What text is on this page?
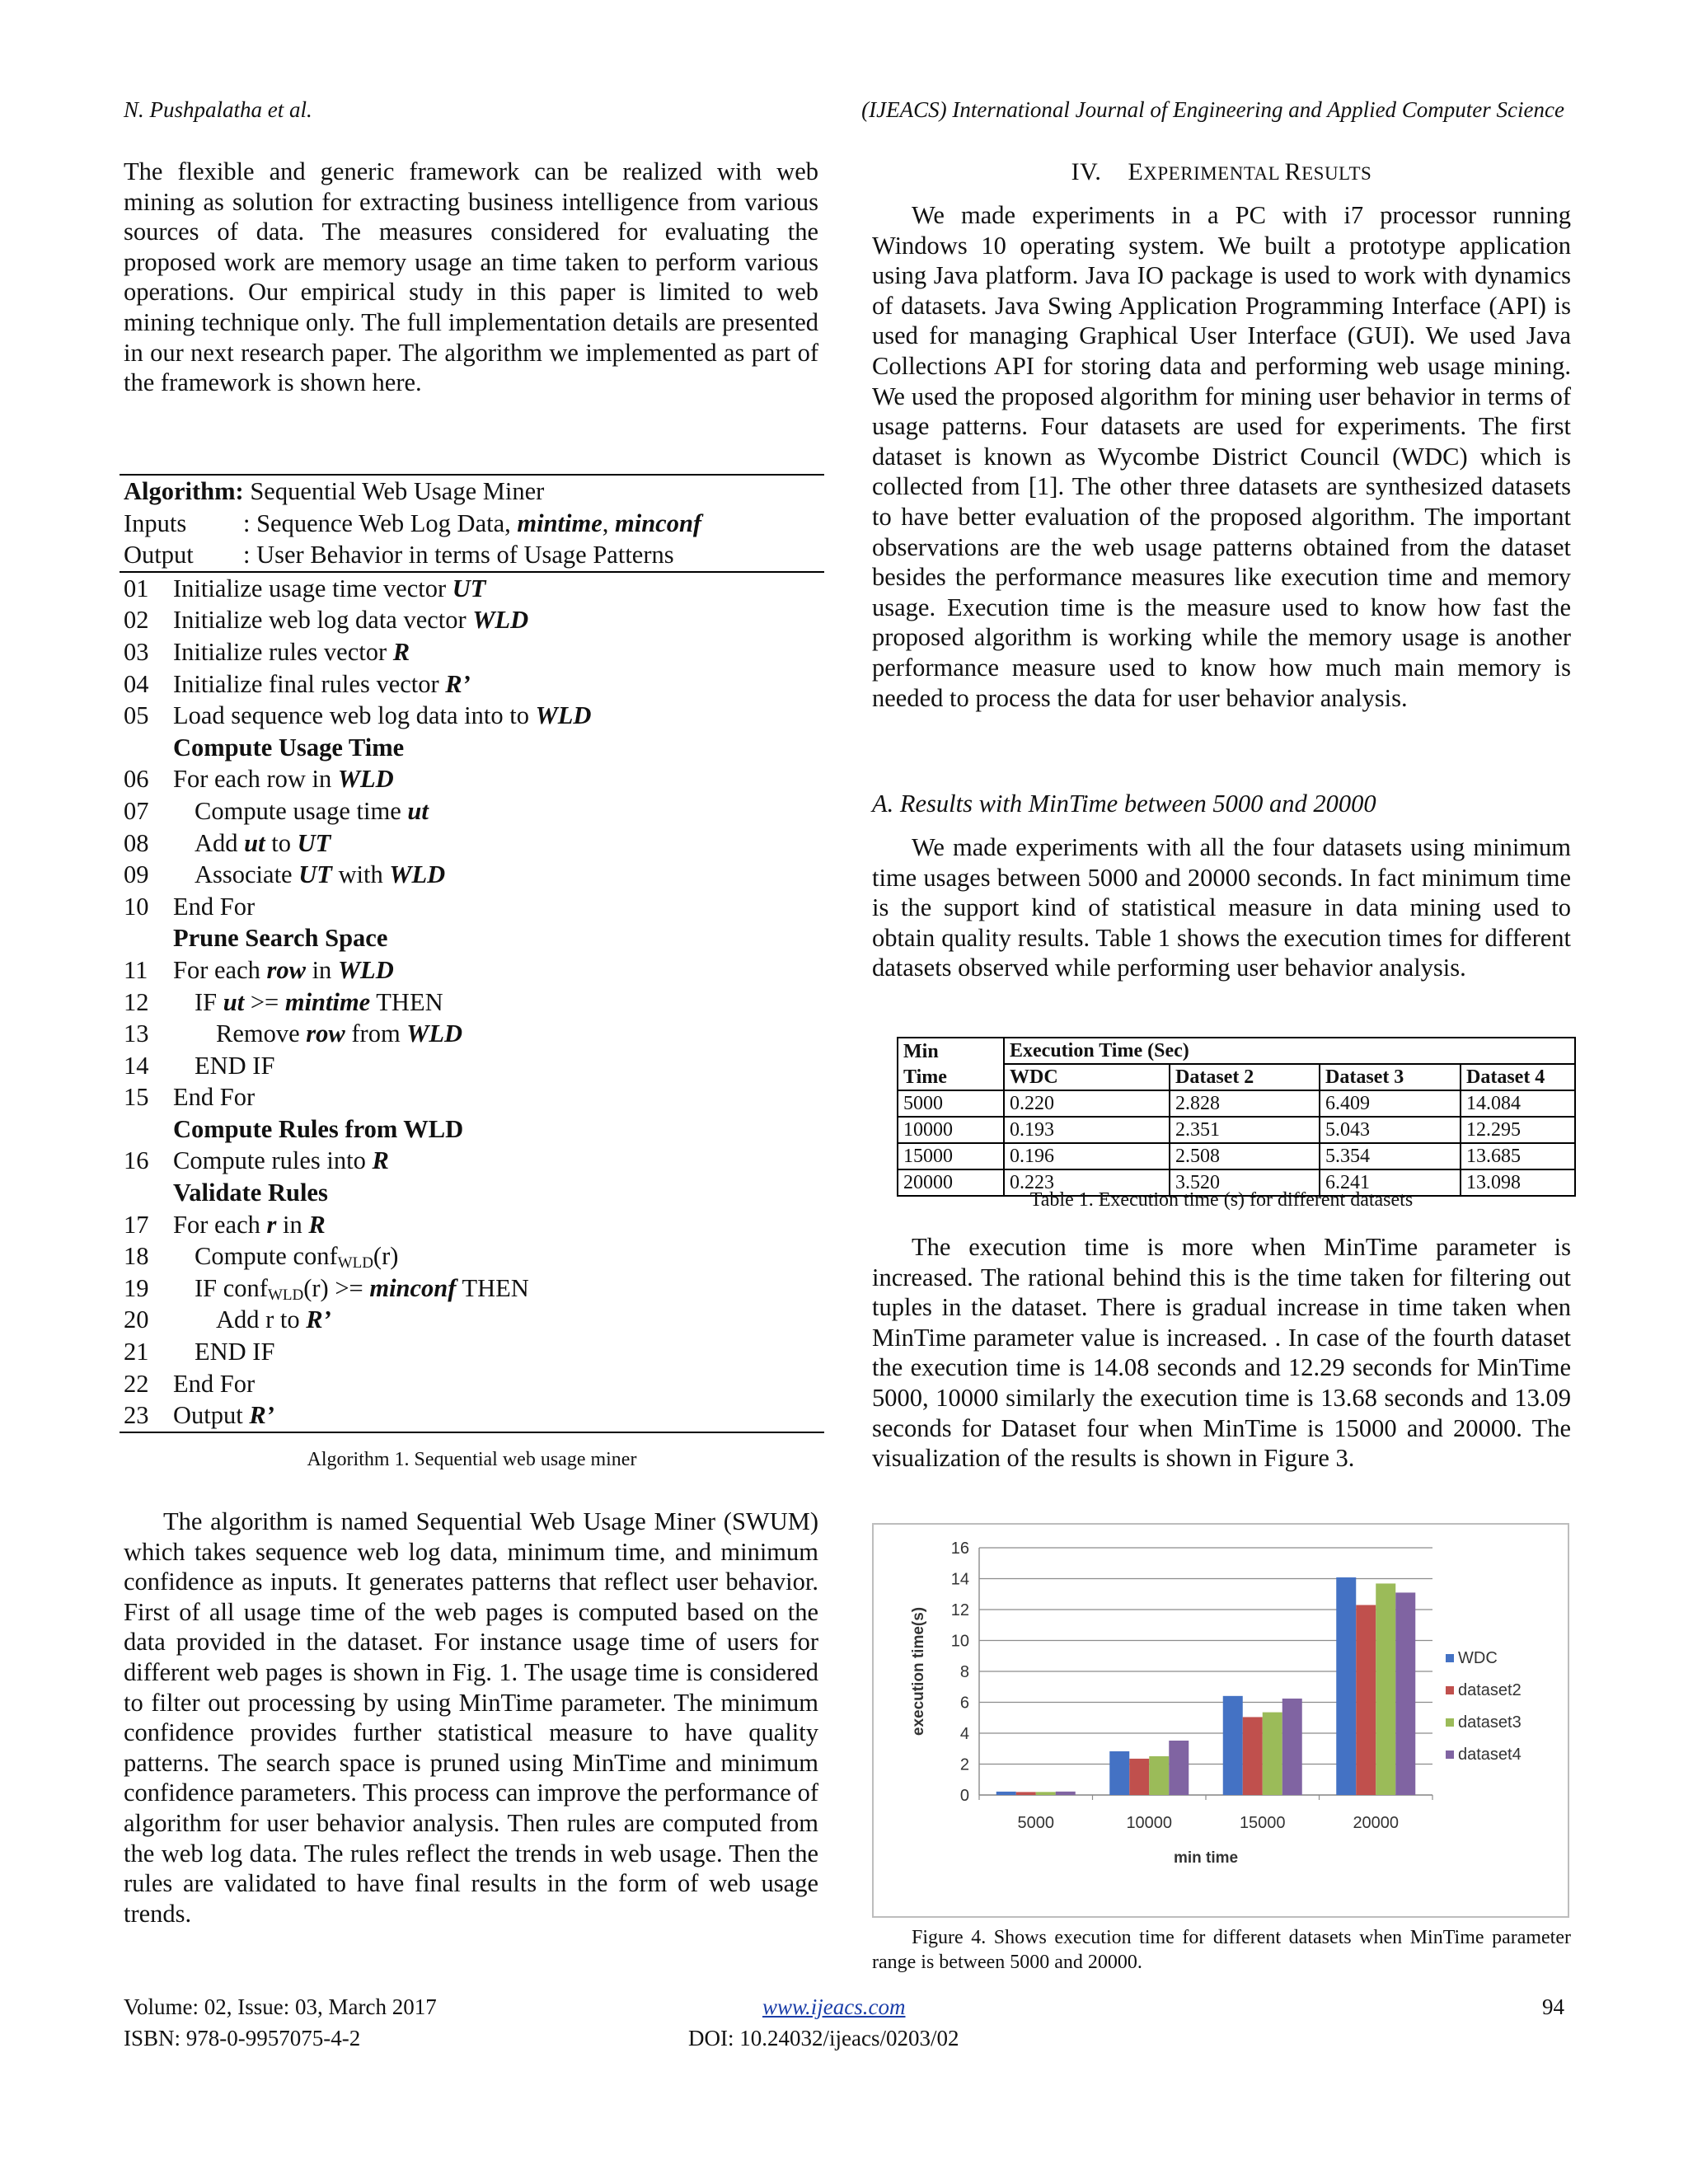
N. Pushpalatha et al.	(IJEACS) International Journal of Engineering and Applied Computer Science
The flexible and generic framework can be realized with web mining as solution for extracting business intelligence from various sources of data. The measures considered for evaluating the proposed work are memory usage an time taken to perform various operations. Our empirical study in this paper is limited to web mining technique only. The full implementation details are presented in our next research paper. The algorithm we implemented as part of the framework is shown here.
Algorithm: Sequential Web Usage Miner
Inputs : Sequence Web Log Data, mintime, minconf
Output : User Behavior in terms of Usage Patterns
01 Initialize usage time vector UT
02 Initialize web log data vector WLD
03 Initialize rules vector R
04 Initialize final rules vector R’
05 Load sequence web log data into to WLD
Compute Usage Time
06 For each row in WLD
07	Compute usage time ut
08	Add ut to UT
09	Associate UT with WLD
10 End For
Prune Search Space
11	For each row in WLD
12	IF ut >= mintime THEN
13	Remove row from WLD
14	END IF
15 End For
Compute Rules from WLD
16 Compute rules into R
Validate Rules
17 For each r in R
18	Compute conf$_{WLD}$(r)
19	IF conf$_{WLD}$(r) >= minconf THEN
20	Add r to R’
21	END IF
22 End For
23 Output R’
Algorithm 1. Sequential web usage miner
The algorithm is named Sequential Web Usage Miner (SWUM) which takes sequence web log data, minimum time, and minimum confidence as inputs. It generates patterns that reflect user behavior. First of all usage time of the web pages is computed based on the data provided in the dataset. For instance usage time of users for different web pages is shown in Fig. 1. The usage time is considered to filter out processing by using MinTime parameter. The minimum confidence provides further statistical measure to have quality patterns. The search space is pruned using MinTime and minimum confidence parameters. This process can improve the performance of algorithm for user behavior analysis. Then rules are computed from the web log data. The rules reflect the trends in web usage. Then the rules are validated to have final results in the form of web usage trends.
IV. EXPERIMENTAL RESULTS
We made experiments in a PC with i7 processor running Windows 10 operating system. We built a prototype application using Java platform. Java IO package is used to work with dynamics of datasets. Java Swing Application Programming Interface (API) is used for managing Graphical User Interface (GUI). We used Java Collections API for storing data and performing web usage mining. We used the proposed algorithm for mining user behavior in terms of usage patterns. Four datasets are used for experiments. The first dataset is known as Wycombe District Council (WDC) which is collected from [1]. The other three datasets are synthesized datasets to have better evaluation of the proposed algorithm. The important observations are the web usage patterns obtained from the dataset besides the performance measures like execution time and memory usage. Execution time is the measure used to know how fast the proposed algorithm is working while the memory usage is another performance measure used to know how much main memory is needed to process the data for user behavior analysis.
A. Results with MinTime between 5000 and 20000
We made experiments with all the four datasets using minimum time usages between 5000 and 20000 seconds. In fact minimum time is the support kind of statistical measure in data mining used to obtain quality results. Table 1 shows the execution times for different datasets observed while performing user behavior analysis.
Min	Execution Time (Sec)			
Time	WDC	Dataset 2	Dataset 3	Dataset 4
5000	0.220	2.828	6.409	14.084
10000	0.193	2.351	5.043	12.295
15000	0.196	2.508	5.354	13.685
20000	0.223	3.520	6.241	13.098
Table 1. Execution time (s) for different datasets
The execution time is more when MinTime parameter is increased. The rational behind this is the time taken for filtering out tuples in the dataset. There is gradual increase in time taken when MinTime parameter value is increased. . In case of the fourth dataset the execution time is 14.08 seconds and 12.29 seconds for MinTime 5000, 10000 similarly the execution time is 13.68 seconds and 13.09 seconds for Dataset four when MinTime is 15000 and 20000. The visualization of the results is shown in Figure 3.
0
2
4
6
8
10
12
14
16
5000	10000	15000	20000
min time
execution time(s)	WDC
dataset2
dataset3
dataset4
Figure 4. Shows execution time for different datasets when MinTime parameter range is between 5000 and 20000.
Volume: 02, Issue: 03, March 2017
ISBN: 978-0-9957075-4-2
www.ijeacs.com
DOI: 10.24032/ijeacs/0203/02
94
